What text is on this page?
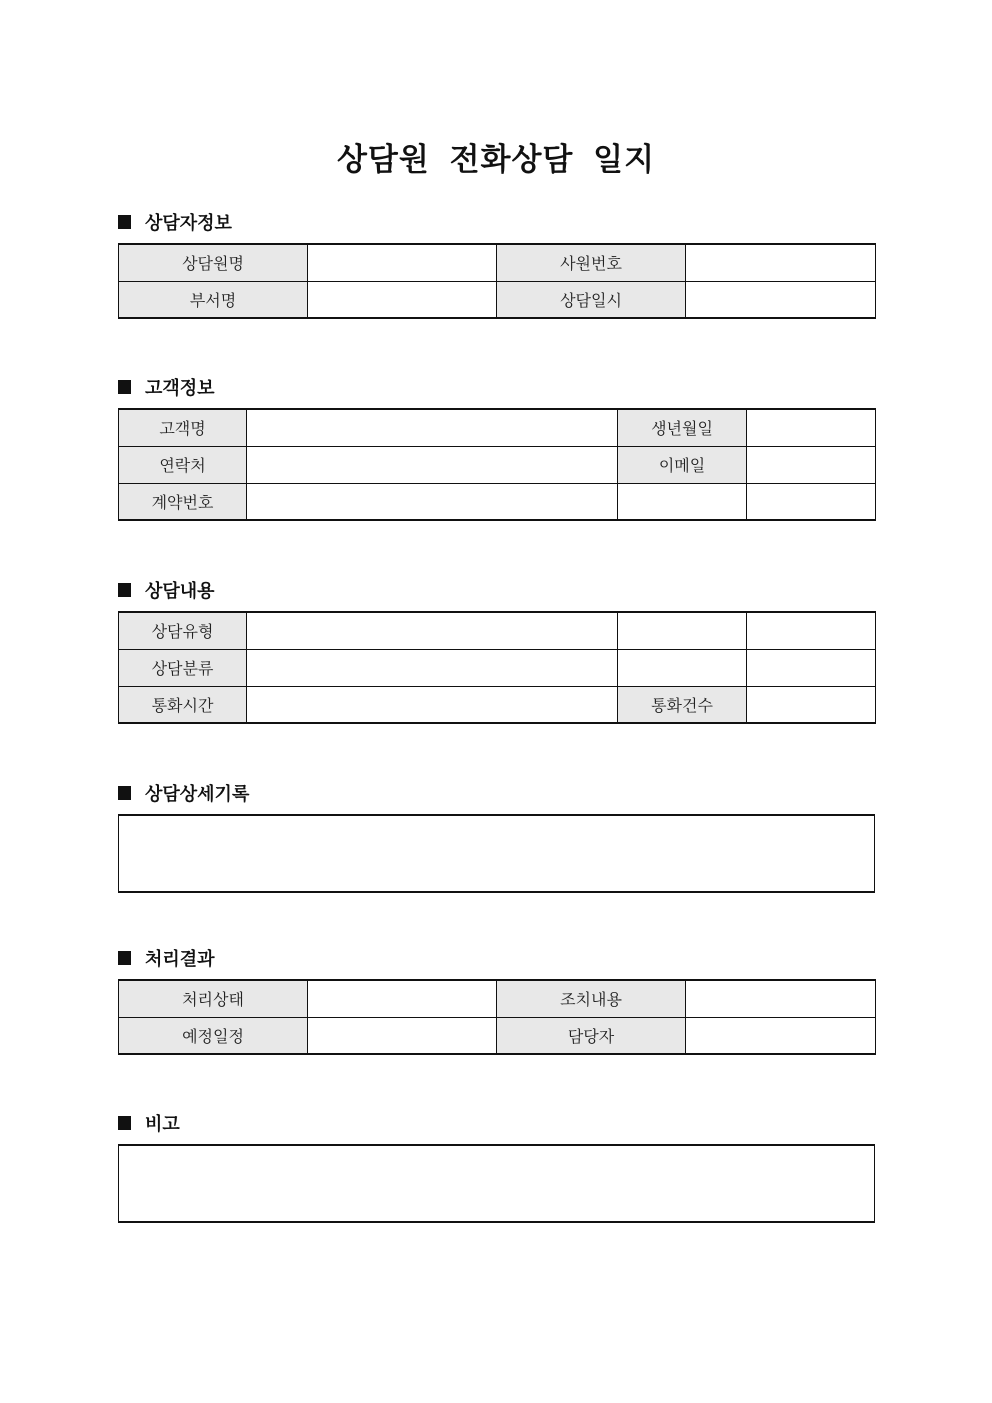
상담원 전화상담 일지
상담자정보
상담원명		사원번호	
부서명		상담일시	
고객정보
고객명		생년월일	
연락처		이메일	
계약번호			
상담내용
상담유형			
상담분류			
통화시간		통화건수	
상담상세기록
처리결과
처리상태		조치내용	
예정일정		담당자	
비고
